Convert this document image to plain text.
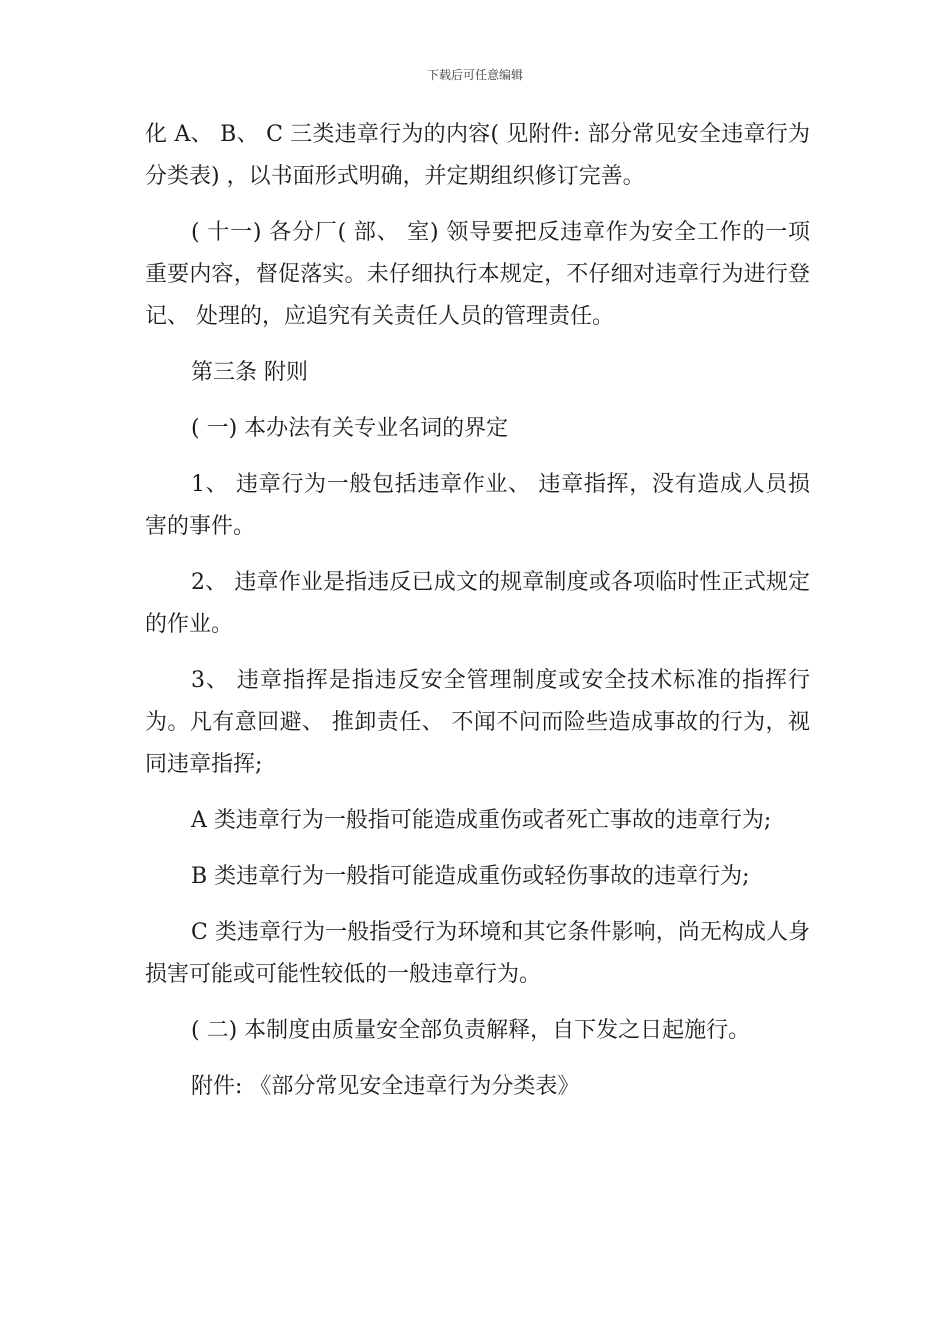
下载后可任意编辑

化 A、 B、 C 三类违章行为的内容( 见附件: 部分常见安全违章行为分类表) ，以书面形式明确，并定期组织修订完善。

( 十一) 各分厂( 部、 室) 领导要把反违章作为安全工作的一项重要内容，督促落实。未仔细执行本规定，不仔细对违章行为进行登记、 处理的，应追究有关责任人员的管理责任。

第三条 附则

( 一) 本办法有关专业名词的界定

1、 违章行为一般包括违章作业、 违章指挥，没有造成人员损害的事件。

2、 违章作业是指违反已成文的规章制度或各项临时性正式规定的作业。

3、 违章指挥是指违反安全管理制度或安全技术标准的指挥行为。凡有意回避、 推卸责任、 不闻不问而险些造成事故的行为，视同违章指挥;

A 类违章行为一般指可能造成重伤或者死亡事故的违章行为;

B 类违章行为一般指可能造成重伤或轻伤事故的违章行为;

C 类违章行为一般指受行为环境和其它条件影响，尚无构成人身损害可能或可能性较低的一般违章行为。

( 二) 本制度由质量安全部负责解释，自下发之日起施行。

附件: 《部分常见安全违章行为分类表》
